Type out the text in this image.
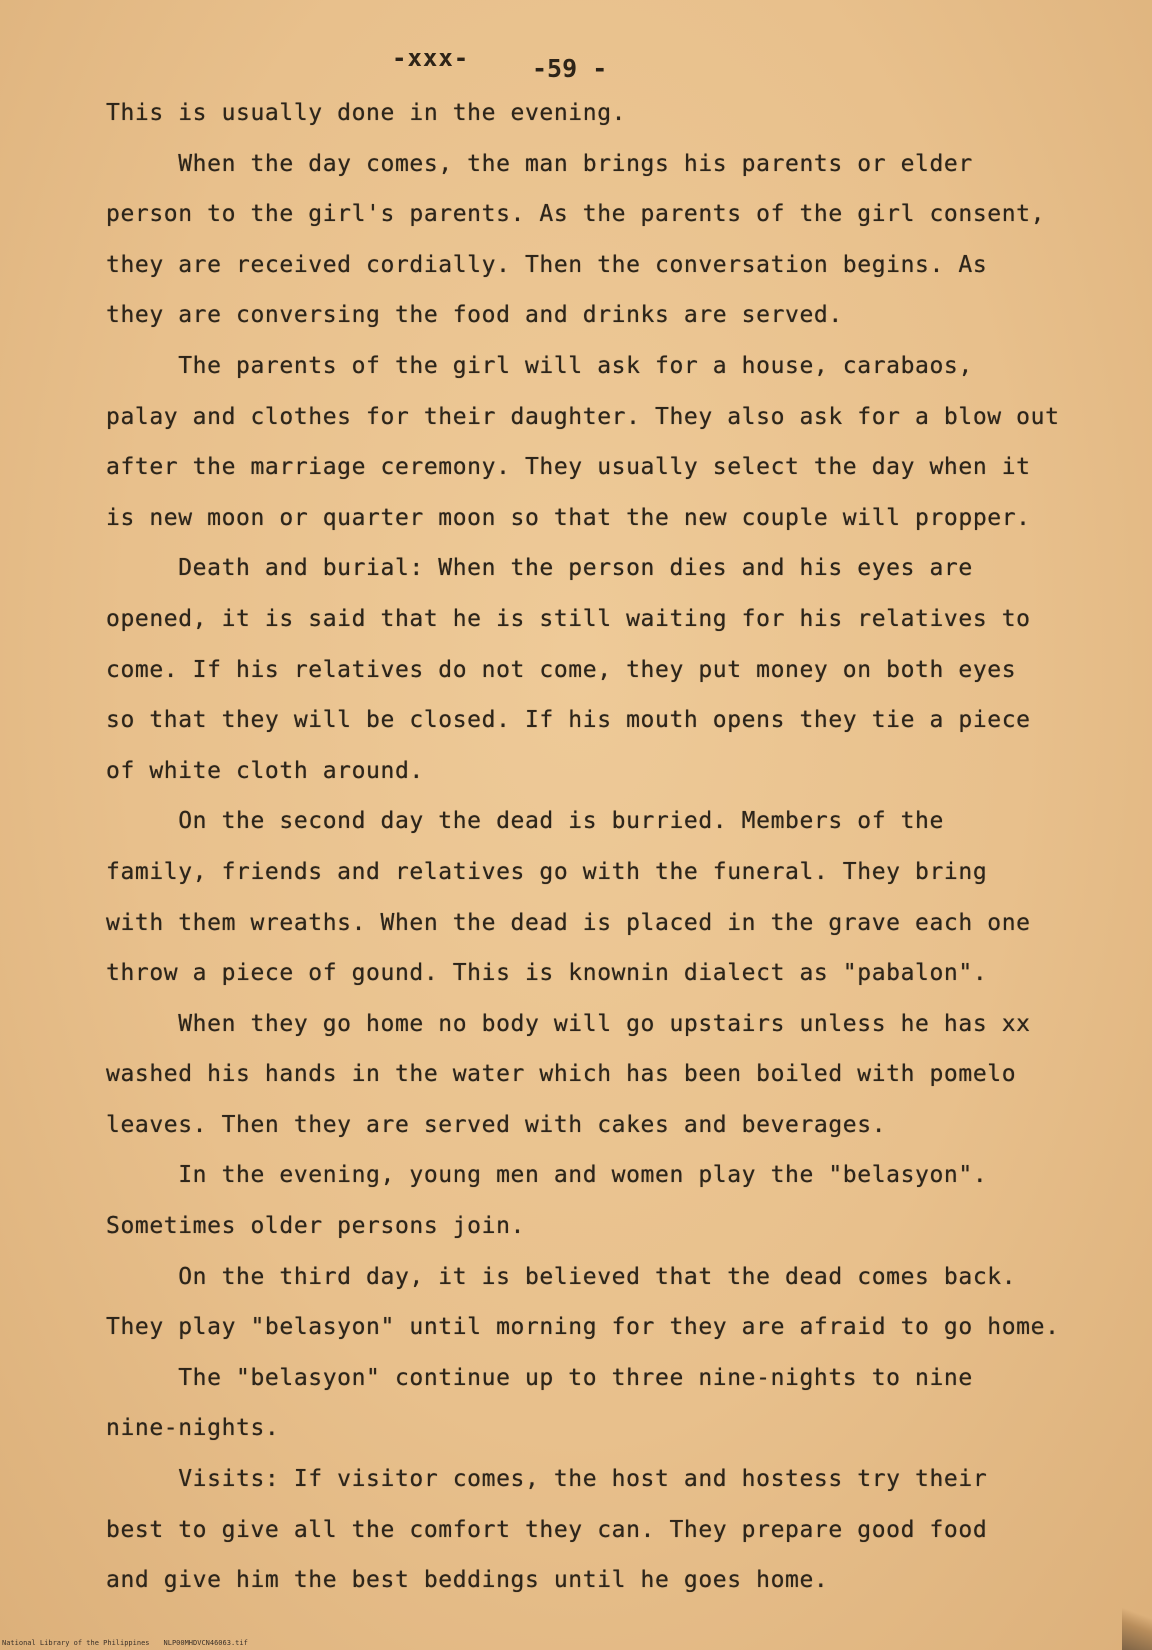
-xxx-	-59 -
This is usually done in the evening.
When the day comes, the man brings his parents or elder
person to the girl's parents. As the parents of the girl consent,
they are received cordially. Then the conversation begins. As
they are conversing the food and drinks are served.
The parents of the girl will ask for a house, carabaos,
palay and clothes for their daughter. They also ask for a blow out
after the marriage ceremony. They usually select the day when it
is new moon or quarter moon so that the new couple will propper.
Death and burial: When the person dies and his eyes are
opened, it is said that he is still waiting for his relatives to
come. If his relatives do not come, they put money on both eyes
so that they will be closed. If his mouth opens they tie a piece
of white cloth around.
On the second day the dead is burried. Members of the
family, friends and relatives go with the funeral. They bring
with them wreaths. When the dead is placed in the grave each one
throw a piece of gound. This is knownin dialect as "pabalon".
When they go home no body will go upstairs unless he has xx
washed his hands in the water which has been boiled with pomelo
leaves. Then they are served with cakes and beverages.
In the evening, young men and women play the "belasyon".
Sometimes older persons join.
On the third day, it is believed that the dead comes back.
They play "belasyon" until morning for they are afraid to go home.
The "belasyon" continue up to three nine-nights to nine
nine-nights.
Visits: If visitor comes, the host and hostess try their
best to give all the comfort they can. They prepare good food
and give him the best beddings until he goes home.
National Library of the Philippines NLP00MHDVCN46063.tif
